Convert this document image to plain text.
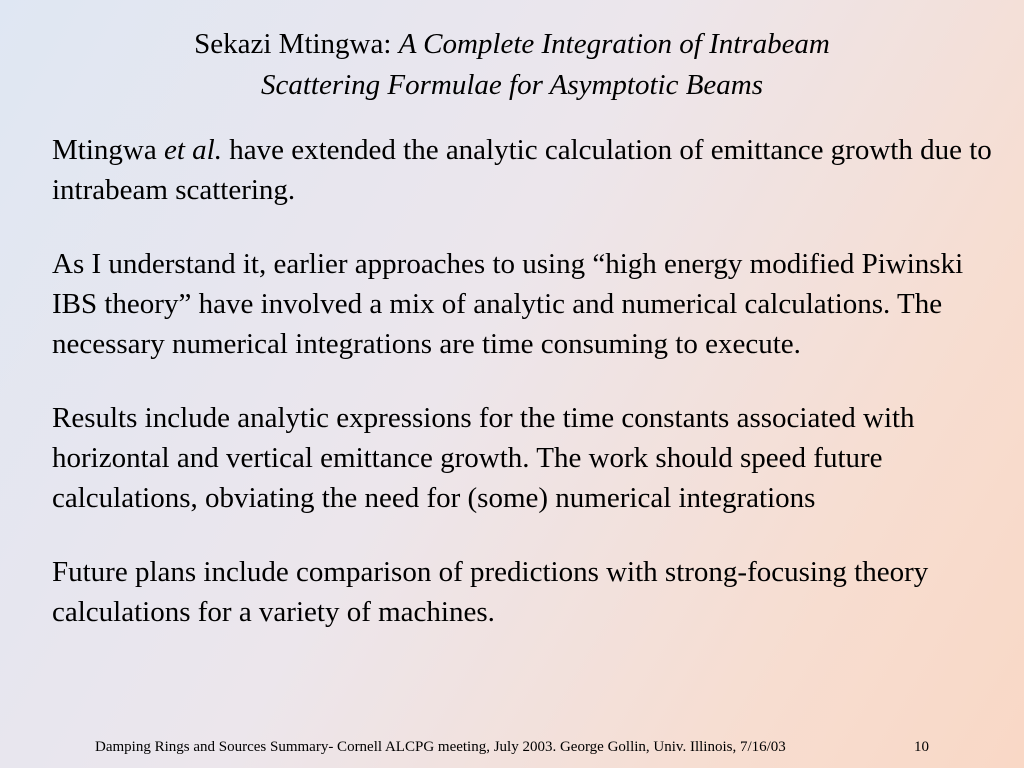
Sekazi Mtingwa: A Complete Integration of Intrabeam
Scattering Formulae for Asymptotic Beams

Mtingwa et al. have extended the analytic calculation of emittance growth due to intrabeam scattering.

As I understand it, earlier approaches to using “high energy modified Piwinski IBS theory” have involved a mix of analytic and numerical calculations. The necessary numerical integrations are time consuming to execute.

Results include analytic expressions for the time constants associated with horizontal and vertical emittance growth. The work should speed future calculations, obviating the need for (some) numerical integrations

Future plans include comparison of predictions with strong-focusing theory calculations for a variety of machines.

Damping Rings and Sources Summary- Cornell ALCPG meeting, July 2003. George Gollin, Univ. Illinois, 7/16/03	10
